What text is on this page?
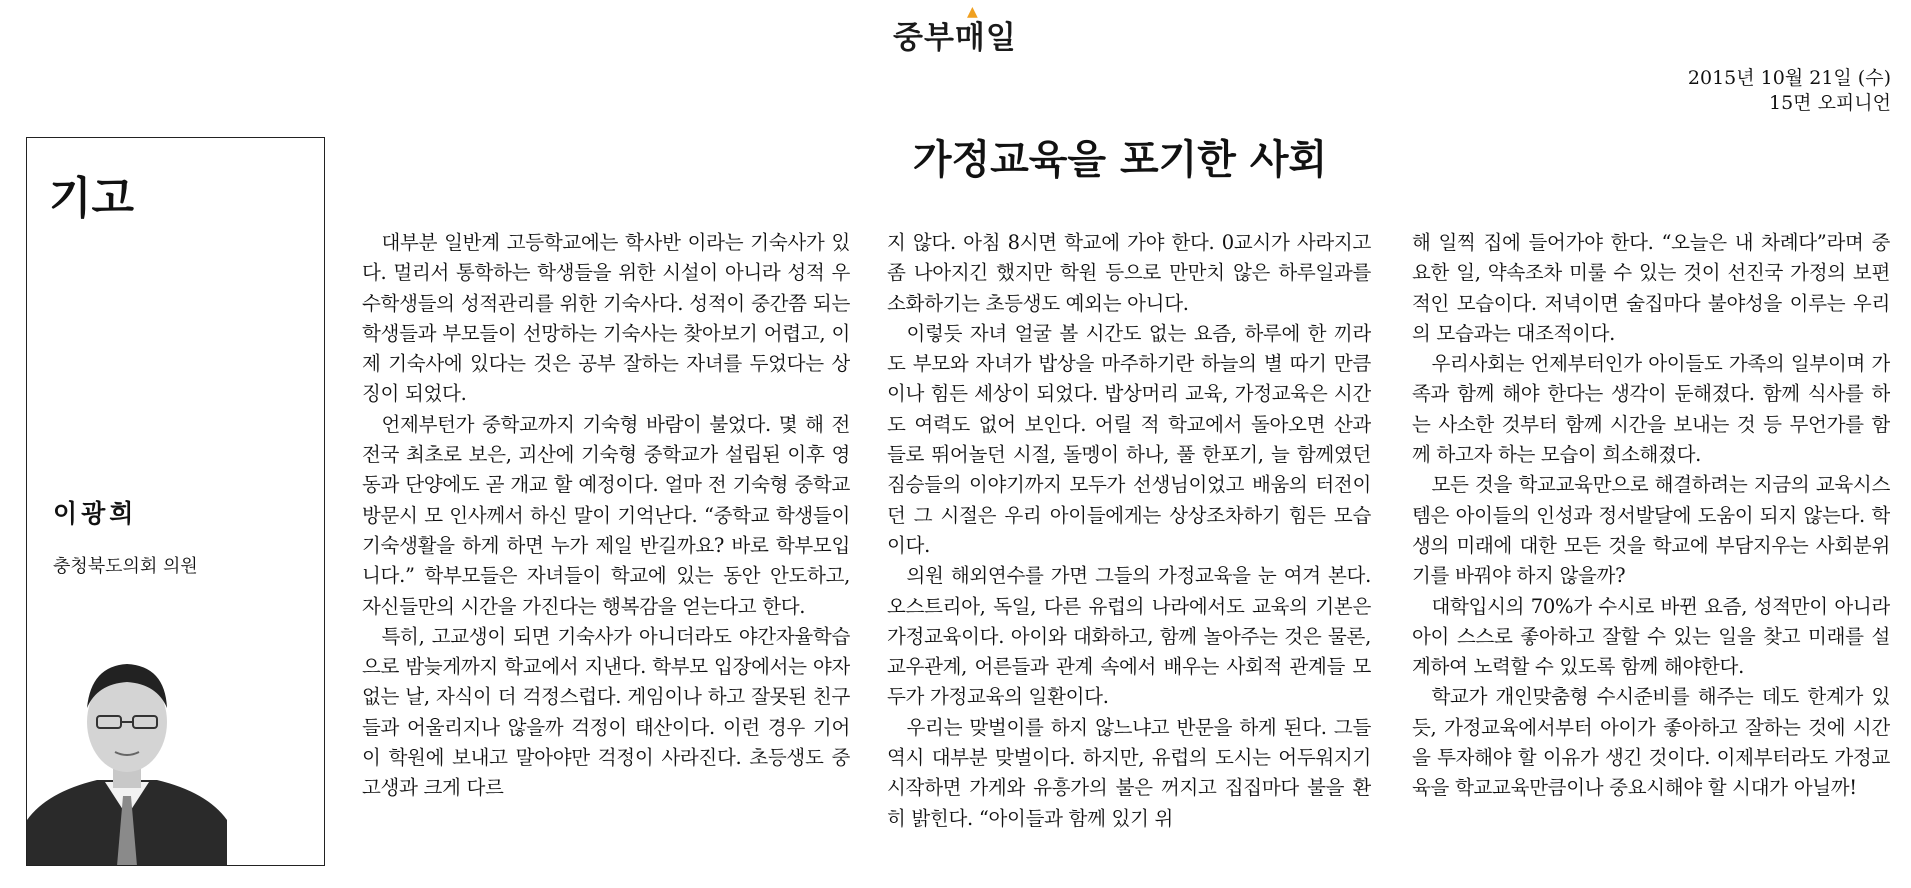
중부매일
▲
2015년 10월 21일 (수)
15면 오피니언
기고
이광희
충청북도의회 의원
가정교육을 포기한 사회

대부분 일반계 고등학교에는 학사반 이라는 기숙사가 있다. 멀리서 통학하는 학생들을 위한 시설이 아니라 성적 우수학생들의 성적관리를 위한 기숙사다. 성적이 중간쯤 되는 학생들과 부모들이 선망하는 기숙사는 찾아보기 어렵고, 이제 기숙사에 있다는 것은 공부 잘하는 자녀를 두었다는 상징이 되었다.

언제부턴가 중학교까지 기숙형 바람이 불었다. 몇 해 전 전국 최초로 보은, 괴산에 기숙형 중학교가 설립된 이후 영동과 단양에도 곧 개교 할 예정이다. 얼마 전 기숙형 중학교 방문시 모 인사께서 하신 말이 기억난다. “중학교 학생들이 기숙생활을 하게 하면 누가 제일 반길까요? 바로 학부모입니다.” 학부모들은 자녀들이 학교에 있는 동안 안도하고, 자신들만의 시간을 가진다는 행복감을 얻는다고 한다.

특히, 고교생이 되면 기숙사가 아니더라도 야간자율학습으로 밤늦게까지 학교에서 지낸다. 학부모 입장에서는 야자 없는 날, 자식이 더 걱정스럽다. 게임이나 하고 잘못된 친구들과 어울리지나 않을까 걱정이 태산이다. 이런 경우 기어이 학원에 보내고 말아야만 걱정이 사라진다. 초등생도 중고생과 크게 다르

지 않다. 아침 8시면 학교에 가야 한다. 0교시가 사라지고 좀 나아지긴 했지만 학원 등으로 만만치 않은 하루일과를 소화하기는 초등생도 예외는 아니다.

이렇듯 자녀 얼굴 볼 시간도 없는 요즘, 하루에 한 끼라도 부모와 자녀가 밥상을 마주하기란 하늘의 별 따기 만큼이나 힘든 세상이 되었다. 밥상머리 교육, 가정교육은 시간도 여력도 없어 보인다. 어릴 적 학교에서 돌아오면 산과 들로 뛰어놀던 시절, 돌멩이 하나, 풀 한포기, 늘 함께였던 짐승들의 이야기까지 모두가 선생님이었고 배움의 터전이던 그 시절은 우리 아이들에게는 상상조차하기 힘든 모습이다.

의원 해외연수를 가면 그들의 가정교육을 눈 여겨 본다. 오스트리아, 독일, 다른 유럽의 나라에서도 교육의 기본은 가정교육이다. 아이와 대화하고, 함께 놀아주는 것은 물론, 교우관계, 어른들과 관계 속에서 배우는 사회적 관계들 모두가 가정교육의 일환이다.

우리는 맞벌이를 하지 않느냐고 반문을 하게 된다. 그들 역시 대부분 맞벌이다. 하지만, 유럽의 도시는 어두워지기 시작하면 가게와 유흥가의 불은 꺼지고 집집마다 불을 환히 밝힌다. “아이들과 함께 있기 위

해 일찍 집에 들어가야 한다. “오늘은 내 차례다”라며 중요한 일, 약속조차 미룰 수 있는 것이 선진국 가정의 보편적인 모습이다. 저녁이면 술집마다 불야성을 이루는 우리의 모습과는 대조적이다.

우리사회는 언제부터인가 아이들도 가족의 일부이며 가족과 함께 해야 한다는 생각이 둔해졌다. 함께 식사를 하는 사소한 것부터 함께 시간을 보내는 것 등 무언가를 함께 하고자 하는 모습이 희소해졌다.

모든 것을 학교교육만으로 해결하려는 지금의 교육시스템은 아이들의 인성과 정서발달에 도움이 되지 않는다. 학생의 미래에 대한 모든 것을 학교에 부담지우는 사회분위기를 바꿔야 하지 않을까?

대학입시의 70%가 수시로 바뀐 요즘, 성적만이 아니라 아이 스스로 좋아하고 잘할 수 있는 일을 찾고 미래를 설계하여 노력할 수 있도록 함께 해야한다.

학교가 개인맞춤형 수시준비를 해주는 데도 한계가 있듯, 가정교육에서부터 아이가 좋아하고 잘하는 것에 시간을 투자해야 할 이유가 생긴 것이다. 이제부터라도 가정교육을 학교교육만큼이나 중요시해야 할 시대가 아닐까!
